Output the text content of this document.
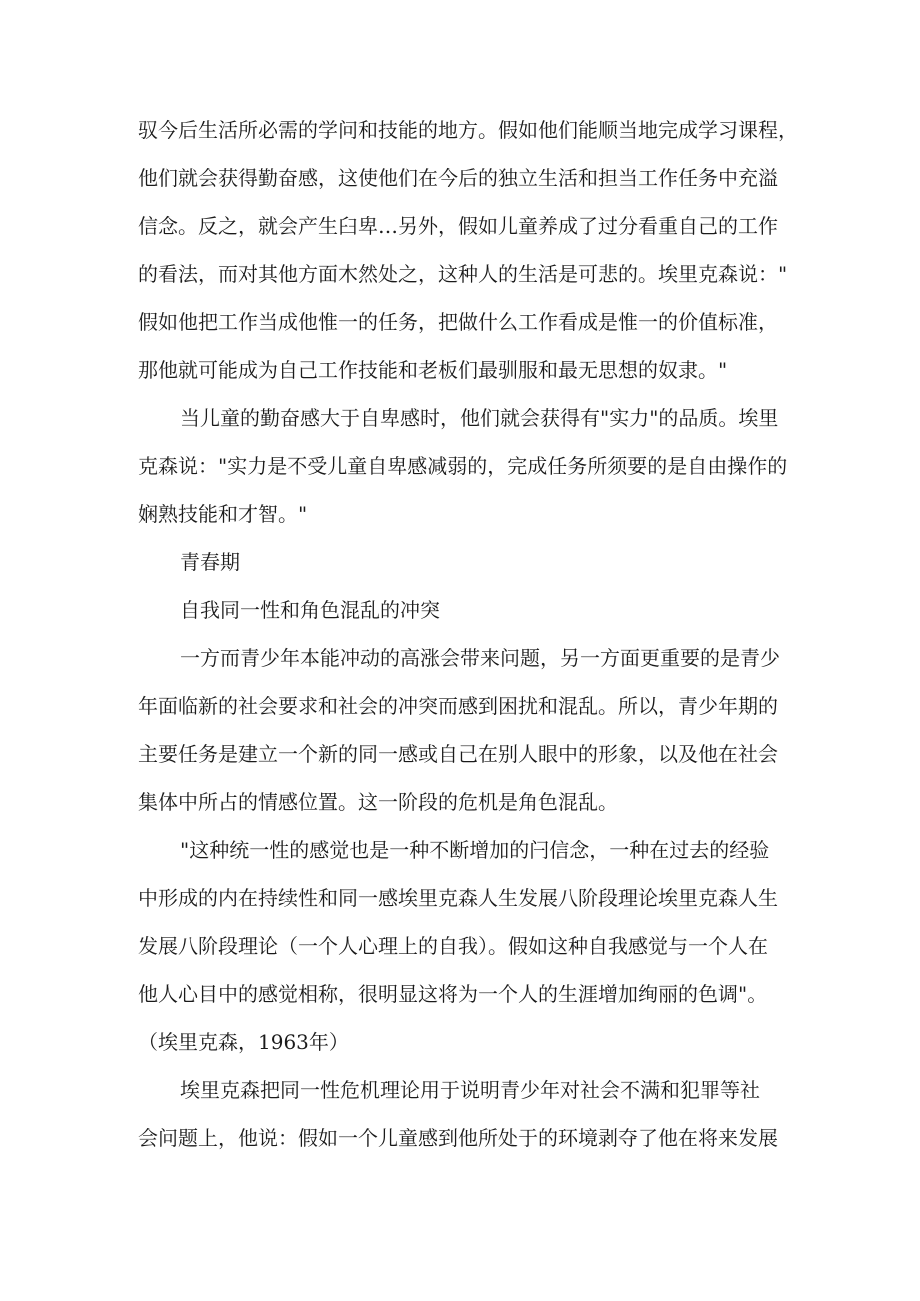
驭今后生活所必需的学问和技能的地方。假如他们能顺当地完成学习课程，
他们就会获得勤奋感，这使他们在今后的独立生活和担当工作任务中充溢
信念。反之，就会产生臼卑…另外，假如儿童养成了过分看重自己的工作
的看法，而对其他方面木然处之，这种人的生活是可悲的。埃里克森说："
假如他把工作当成他惟一的任务，把做什么工作看成是惟一的价值标准，
那他就可能成为自己工作技能和老板们最驯服和最无思想的奴隶。"
当儿童的勤奋感大于自卑感时，他们就会获得有"实力"的品质。埃里
克森说："实力是不受儿童自卑感减弱的，完成任务所须要的是自由操作的
娴熟技能和才智。"
青春期
自我同一性和角色混乱的冲突
一方而青少年本能冲动的高涨会带来问题，另一方面更重要的是青少
年面临新的社会要求和社会的冲突而感到困扰和混乱。所以，青少年期的
主要任务是建立一个新的同一感或自己在别人眼中的形象，以及他在社会
集体中所占的情感位置。这一阶段的危机是角色混乱。
"这种统一性的感觉也是一种不断增加的闩信念，一种在过去的经验
中形成的内在持续性和同一感埃里克森人生发展八阶段理论埃里克森人生
发展八阶段理论（一个人心理上的自我）。假如这种自我感觉与一个人在
他人心目中的感觉相称，很明显这将为一个人的生涯增加绚丽的色调"。
（埃里克森，1963年）
埃里克森把同一性危机理论用于说明青少年对社会不满和犯罪等社
会问题上，他说：假如一个儿童感到他所处于的环境剥夺了他在将来发展
